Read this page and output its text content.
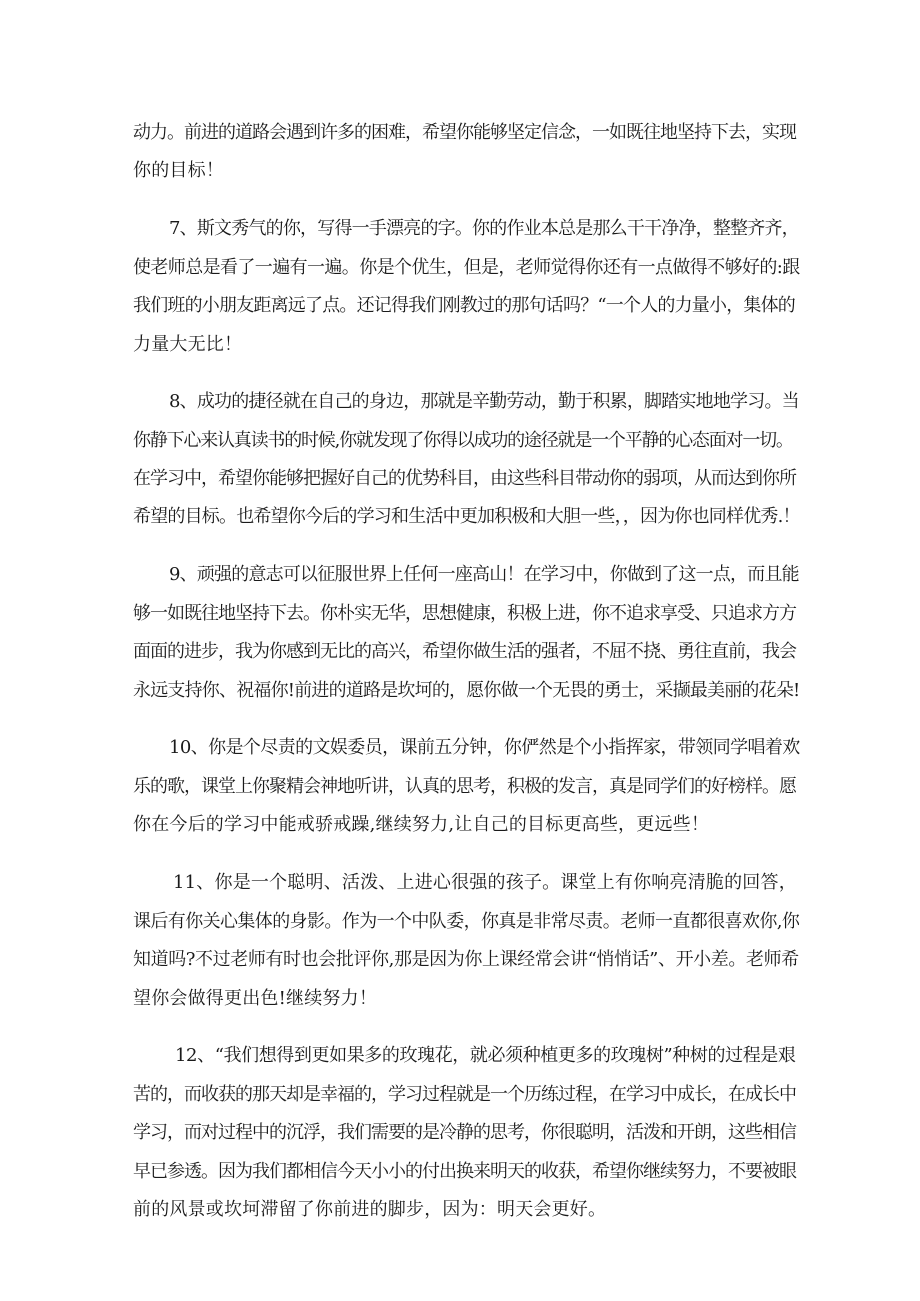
动力。前进的道路会遇到许多的困难，希望你能够坚定信念，一如既往地坚持下去，实现
你的目标！
7、斯文秀气的你，写得一手漂亮的字。你的作业本总是那么干干净净，整整齐齐，
使老师总是看了一遍有一遍。你是个优生，但是，老师觉得你还有一点做得不够好的:跟
我们班的小朋友距离远了点。还记得我们刚教过的那句话吗？“一个人的力量小，集体的
力量大无比！
8、成功的捷径就在自己的身边，那就是辛勤劳动，勤于积累，脚踏实地地学习。当
你静下心来认真读书的时候,你就发现了你得以成功的途径就是一个平静的心态面对一切。
在学习中，希望你能够把握好自己的优势科目，由这些科目带动你的弱项，从而达到你所
希望的目标。也希望你今后的学习和生活中更加积极和大胆一些，，因为你也同样优秀.！
9、顽强的意志可以征服世界上任何一座高山！在学习中，你做到了这一点，而且能
够一如既往地坚持下去。你朴实无华，思想健康，积极上进，你不追求享受、只追求方方
面面的进步，我为你感到无比的高兴，希望你做生活的强者，不屈不挠、勇往直前，我会
永远支持你、祝福你!前进的道路是坎坷的，愿你做一个无畏的勇士，采撷最美丽的花朵!
10、你是个尽责的文娱委员，课前五分钟，你俨然是个小指挥家，带领同学唱着欢
乐的歌，课堂上你聚精会神地听讲，认真的思考，积极的发言，真是同学们的好榜样。愿
你在今后的学习中能戒骄戒躁,继续努力,让自己的目标更高些，更远些！
11、你是一个聪明、活泼、上进心很强的孩子。课堂上有你响亮清脆的回答，
课后有你关心集体的身影。作为一个中队委，你真是非常尽责。老师一直都很喜欢你,你
知道吗?不过老师有时也会批评你,那是因为你上课经常会讲“悄悄话”、开小差。老师希
望你会做得更出色!继续努力！
12、“我们想得到更如果多的玫瑰花，就必须种植更多的玫瑰树”种树的过程是艰
苦的，而收获的那天却是幸福的，学习过程就是一个历练过程，在学习中成长，在成长中
学习，而对过程中的沉浮，我们需要的是冷静的思考，你很聪明，活泼和开朗，这些相信
早已参透。因为我们都相信今天小小的付出换来明天的收获，希望你继续努力，不要被眼
前的风景或坎坷滞留了你前进的脚步，因为：明天会更好。
